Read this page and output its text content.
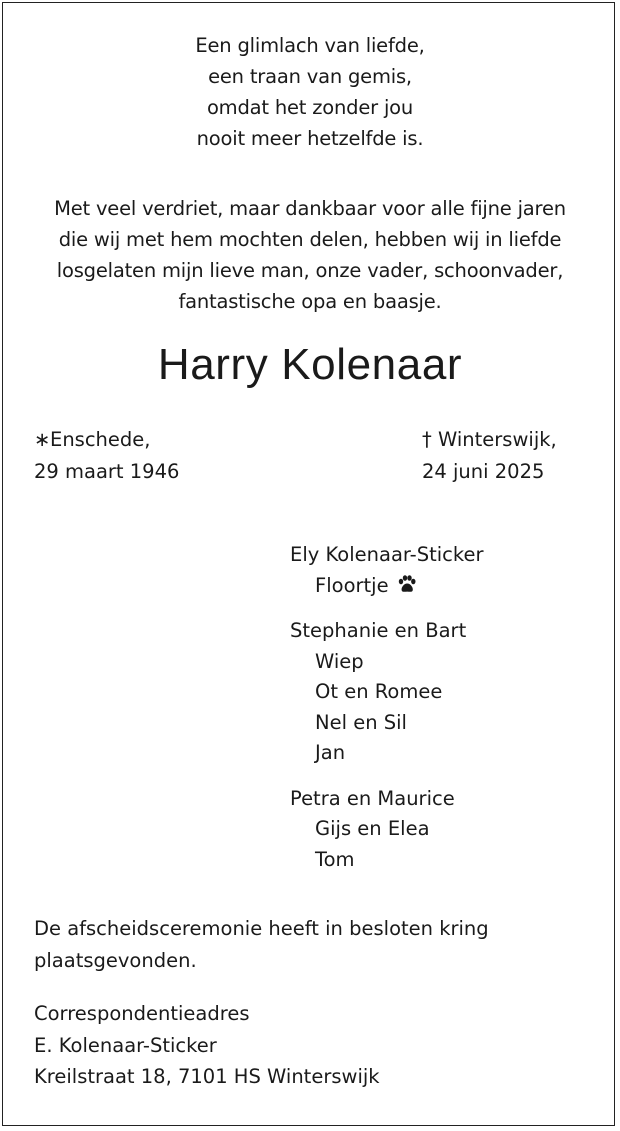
Een glimlach van liefde,
een traan van gemis,
omdat het zonder jou
nooit meer hetzelfde is.
Met veel verdriet, maar dankbaar voor alle fijne jaren
die wij met hem mochten delen, hebben wij in liefde
losgelaten mijn lieve man, onze vader, schoonvader,
fantastische opa en baasje.
Harry Kolenaar
∗Enschede,
29 maart 1946
† Winterswijk,
24 juni 2025
Ely Kolenaar-Sticker
Floortje
Stephanie en Bart
Wiep
Ot en Romee
Nel en Sil
Jan
Petra en Maurice
Gijs en Elea
Tom
De afscheidsceremonie heeft in besloten kring
plaatsgevonden.
Correspondentieadres
E. Kolenaar-Sticker
Kreilstraat 18, 7101 HS Winterswijk
